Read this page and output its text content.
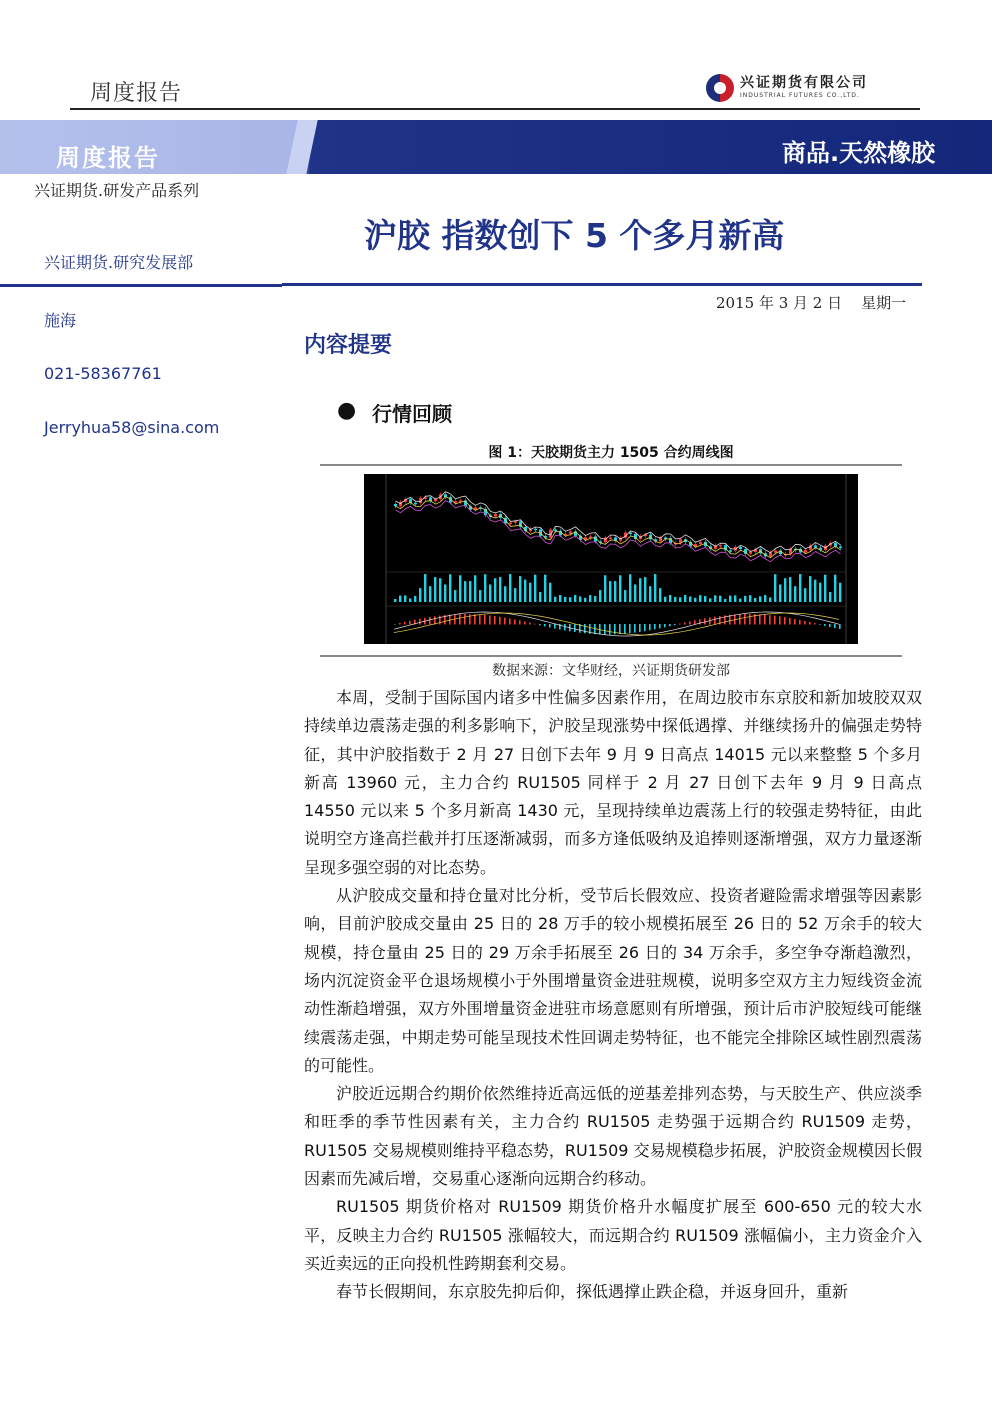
周度报告	兴证期货有限公司
INDUSTRIAL FUTURES CO.,LTD.
周度报告	商品.天然橡胶
兴证期货.研发产品系列
兴证期货.研究发展部
施海
021-58367761
Jerryhua58@sina.com
沪胶 指数创下 5 个多月新高
2015 年 3 月 2 日    星期一
内容提要
● 行情回顾
图 1：天胶期货主力 1505 合约周线图
数据来源：文华财经，兴证期货研发部

本周，受制于国际国内诸多中性偏多因素作用，在周边胶市东京胶和新加坡胶双双持续单边震荡走强的利多影响下，沪胶呈现涨势中探低遇撑、并继续扬升的偏强走势特征，其中沪胶指数于 2 月 27 日创下去年 9 月 9 日高点 14015 元以来整整 5 个多月新高 13960 元，主力合约 RU1505 同样于 2 月 27 日创下去年 9 月 9 日高点 14550 元以来 5 个多月新高 1430 元，呈现持续单边震荡上行的较强走势特征，由此说明空方逢高拦截并打压逐渐减弱，而多方逢低吸纳及追捧则逐渐增强，双方力量逐渐呈现多强空弱的对比态势。

从沪胶成交量和持仓量对比分析，受节后长假效应、投资者避险需求增强等因素影响，目前沪胶成交量由 25 日的 28 万手的较小规模拓展至 26 日的 52 万余手的较大规模，持仓量由 25 日的 29 万余手拓展至 26 日的 34 万余手，多空争夺渐趋激烈，场内沉淀资金平仓退场规模小于外围增量资金进驻规模，说明多空双方主力短线资金流动性渐趋增强，双方外围增量资金进驻市场意愿则有所增强，预计后市沪胶短线可能继续震荡走强，中期走势可能呈现技术性回调走势特征，也不能完全排除区域性剧烈震荡的可能性。

沪胶近远期合约期价依然维持近高远低的逆基差排列态势，与天胶生产、供应淡季和旺季的季节性因素有关，主力合约 RU1505 走势强于远期合约 RU1509 走势，RU1505 交易规模则维持平稳态势，RU1509 交易规模稳步拓展，沪胶资金规模因长假因素而先减后增，交易重心逐渐向远期合约移动。

RU1505 期货价格对 RU1509 期货价格升水幅度扩展至 600-650 元的较大水平，反映主力合约 RU1505 涨幅较大，而远期合约 RU1509 涨幅偏小，主力资金介入买近卖远的正向投机性跨期套利交易。

春节长假期间，东京胶先抑后仰，探低遇撑止跌企稳，并返身回升，重新
